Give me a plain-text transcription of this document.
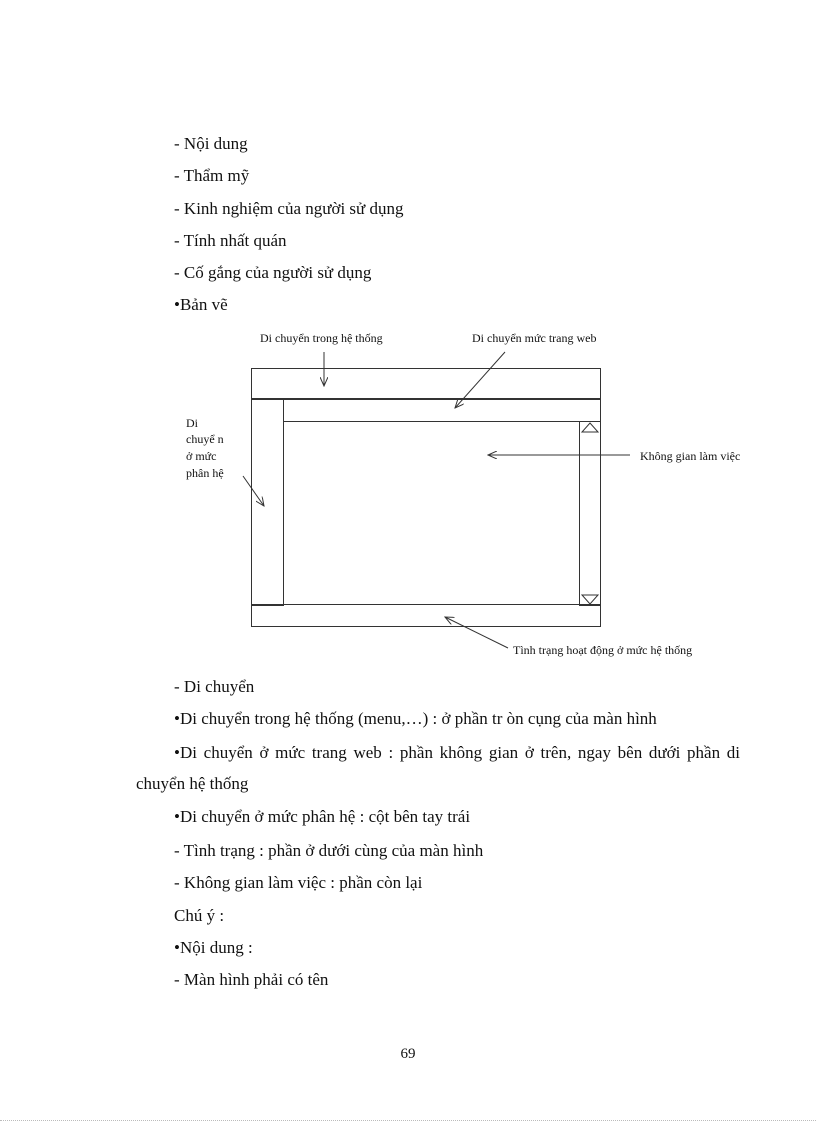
- Nội dung
- Thẩm mỹ
- Kinh nghiệm của người sử dụng
- Tính nhất quán
- Cố gắng của người sử dụng
•Bản vẽ
Di chuyển trong hệ thống	Di chuyển mức trang web
Di
chuyể n
ở mức
phân hệ
Không gian làm việc
Tình trạng hoạt động ở mức hệ thống
- Di chuyển
•Di chuyển trong hệ thống (menu,…) : ở phần tr òn cụng của màn hình
•Di chuyển ở mức trang web : phần không gian ở trên, ngay bên dưới phần di chuyển hệ thống
•Di chuyển ở mức phân hệ : cột bên tay trái
- Tình trạng : phần ở dưới cùng của màn hình
- Không gian làm việc : phần còn lại
Chú ý :
•Nội dung :
- Màn hình phải có tên
69
